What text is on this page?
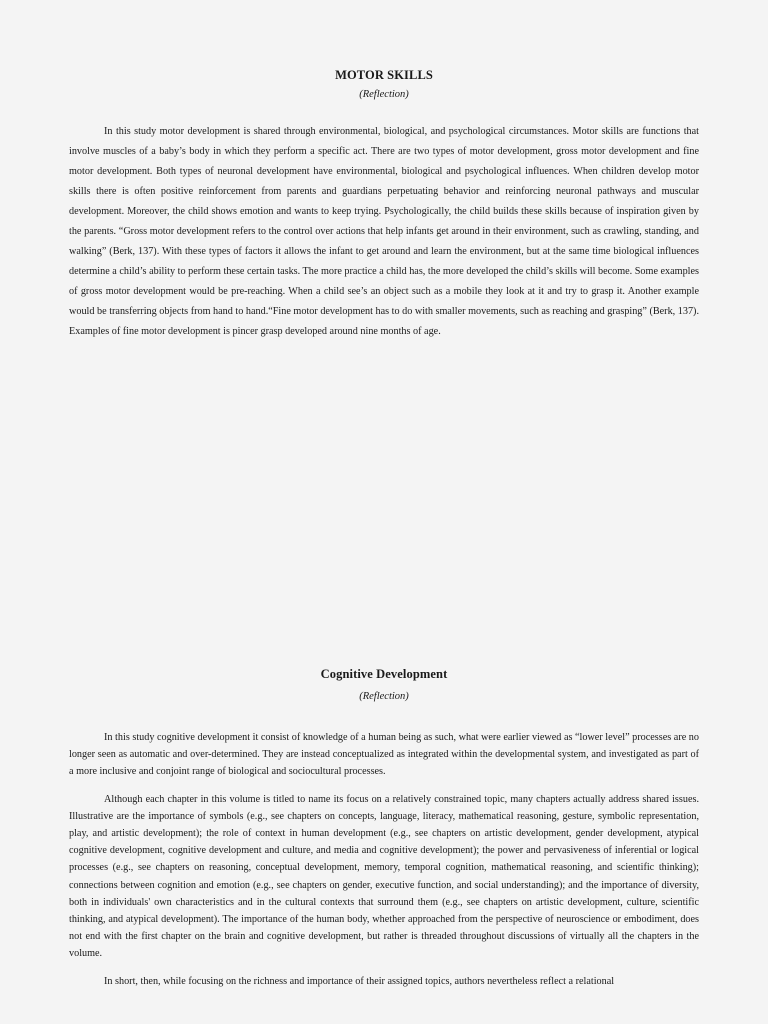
MOTOR SKILLS

(Reflection)

In this study motor development is shared through environmental, biological, and psychological circumstances. Motor skills are functions that involve muscles of a baby’s body in which they perform a specific act. There are two types of motor development, gross motor development and fine motor development. Both types of neuronal development have environmental, biological and psychological influences. When children develop motor skills there is often positive reinforcement from parents and guardians perpetuating behavior and reinforcing neuronal pathways and muscular development. Moreover, the child shows emotion and wants to keep trying. Psychologically, the child builds these skills because of inspiration given by the parents. “Gross motor development refers to the control over actions that help infants get around in their environment, such as crawling, standing, and walking” (Berk, 137). With these types of factors it allows the infant to get around and learn the environment, but at the same time biological influences determine a child’s ability to perform these certain tasks. The more practice a child has, the more developed the child’s skills will become. Some examples of gross motor development would be pre-reaching. When a child see’s an object such as a mobile they look at it and try to grasp it. Another example would be transferring objects from hand to hand.“Fine motor development has to do with smaller movements, such as reaching and grasping” (Berk, 137). Examples of fine motor development is pincer grasp developed around nine months of age.

Cognitive Development

(Reflection)

In this study cognitive development it consist of knowledge of a human being as such, what were earlier viewed as “lower level” processes are no longer seen as automatic and over-determined. They are instead conceptualized as integrated within the developmental system, and investigated as part of a more inclusive and conjoint range of biological and sociocultural processes.

Although each chapter in this volume is titled to name its focus on a relatively constrained topic, many chapters actually address shared issues. Illustrative are the importance of symbols (e.g., see chapters on concepts, language, literacy, mathematical reasoning, gesture, symbolic representation, play, and artistic development); the role of context in human development (e.g., see chapters on artistic development, gender development, atypical cognitive development, cognitive development and culture, and media and cognitive development); the power and pervasiveness of inferential or logical processes (e.g., see chapters on reasoning, conceptual development, memory, temporal cognition, mathematical reasoning, and scientific thinking); connections between cognition and emotion (e.g., see chapters on gender, executive function, and social understanding); and the importance of diversity, both in individuals' own characteristics and in the cultural contexts that surround them (e.g., see chapters on artistic development, culture, scientific thinking, and atypical development). The importance of the human body, whether approached from the perspective of neuroscience or embodiment, does not end with the first chapter on the brain and cognitive development, but rather is threaded throughout discussions of virtually all the chapters in the volume.

In short, then, while focusing on the richness and importance of their assigned topics, authors nevertheless reflect a relational
